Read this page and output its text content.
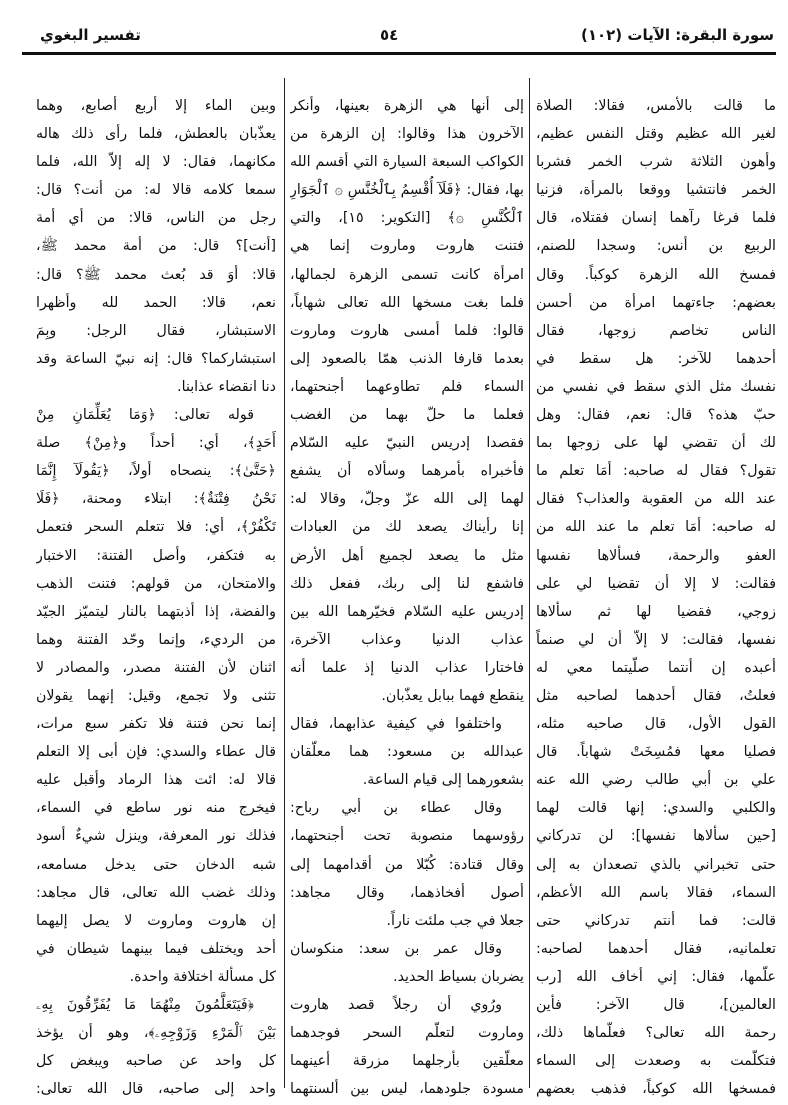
سورة البقرة: الآيات (١٠٢)
٥٤
تفسير البغوي
ما قالت بالأمس، فقالا: الصلاة
لغير الله عظيم وقتل النفس عظيم،
وأهون الثلاثة شرب الخمر فشربا
الخمر فانتشيا ووقعا بالمرأة، فزنيا
فلما فرغا رآهما إنسان فقتلاه، قال
الربيع بن أنس: وسجدا للصنم،
فمسخ الله الزهرة كوكباً. وقال
بعضهم: جاءتهما امرأة من أحسن
الناس تخاصم زوجها، فقال
أحدهما للآخر: هل سقط في
نفسك مثل الذي سقط في نفسي من
حبّ هذه؟ قال: نعم، فقال: وهل
لك أن تقضي لها على زوجها بما
تقول؟ فقال له صاحبه: أمَا تعلم ما
عند الله من العقوبة والعذاب؟ فقال
له صاحبه: أمَا تعلم ما عند الله من
العفو والرحمة، فسألاها نفسها
فقالت: لا إلا أن تقضيا لي على
زوجي، فقضيا لها ثم سألاها
نفسها، فقالت: لا إلاّ أن لي صنماً
أعبده إن أنتما صلّيتما معي له
فعلتُ، فقال أحدهما لصاحبه مثل
القول الأول، قال صاحبه مثله،
فصليا معها فمُسِخَتْ شهاباً. قال
علي بن أبي طالب رضي الله عنه
والكلبي والسدي: إنها قالت لهما
[حين سألاها نفسها]: لن تدركاني
حتى تخبراني بالذي تصعدان به إلى
السماء، فقالا باسم الله الأعظم،
قالت: فما أنتم تدركاني حتى
تعلمانيه، فقال أحدهما لصاحبه:
علّمها، فقال: إني أخاف الله [رب
العالمين]، قال الآخر: فأين
رحمة الله تعالى؟ فعلّماها ذلك،
فتكلّمت به وصعدت إلى السماء
فمسخها الله كوكباً، فذهب بعضهم
إلى أنها هي الزهرة بعينها، وأنكر
الآخرون هذا وقالوا: إن الزهرة من
الكواكب السبعة السيارة التي أقسم الله
بها، فقال: ﴿فَلَآ أُقْسِمُ بِٱلْخُنَّسِ ۞ ٱلْجَوَارِ
ٱلْكُنَّسِ ۞﴾ [التكوير: ١٥]، والتي
فتنت هاروت وماروت إنما هي
امرأة كانت تسمى الزهرة لجمالها،
فلما بغت مسخها الله تعالى شهاباً،
قالوا: فلما أمسى هاروت وماروت
بعدما قارفا الذنب همّا بالصعود إلى
السماء فلم تطاوعهما أجنحتهما،
فعلما ما حلّ بهما من الغضب
فقصدا إدريس النبيّ عليه السّلام
فأخبراه بأمرهما وسألاه أن يشفع
لهما إلى الله عزّ وجلّ، وقالا له:
إنا رأيناك يصعد لك من العبادات
مثل ما يصعد لجميع أهل الأرض
فاشفع لنا إلى ربك، ففعل ذلك
إدريس عليه السّلام فخيّرهما الله بين
عذاب الدنيا وعذاب الآخرة،
فاختارا عذاب الدنيا إذ علما أنه
ينقطع فهما ببابل يعذّبان.
واختلفوا في كيفية عذابهما، فقال
عبدالله بن مسعود: هما معلّقان
بشعورهما إلى قيام الساعة.
وقال عطاء بن أبي رباح:
رؤوسهما منصوبة تحت أجنحتهما،
وقال قتادة: كُبّلا من أقدامهما إلى
أصول أفخاذهما، وقال مجاهد:
جعلا في جب ملئت ناراً.
وقال عمر بن سعد: منكوسان
يضربان بسياط الحديد.
ورُوي أن رجلاً قصد هاروت
وماروت لتعلّم السحر فوجدهما
معلّقين بأرجلهما مزرقة أعينهما
مسودة جلودهما، ليس بين ألسنتهما
وبين الماء إلا أربع أصابع، وهما
يعذّبان بالعطش، فلما رأى ذلك هاله
مكانهما، فقال: لا إله إلاّ الله، فلما
سمعا كلامه قالا له: من أنت؟ قال:
رجل من الناس، قالا: من أي أمة
[أنت]؟ قال: من أمة محمد ﷺ،
قالا: أوَ قد بُعث محمد ﷺ؟ قال:
نعم، قالا: الحمد لله وأظهرا
الاستبشار، فقال الرجل: وبِمَ
استبشاركما؟ قال: إنه نبيّ الساعة وقد
دنا انقضاء عذابنا.
قوله تعالى: ﴿وَمَا يُعَلِّمَانِ مِنْ
أَحَدٍ﴾، أي: أحداً و﴿مِنْ﴾ صلة
﴿حَتَّىٰ﴾: ينصحاه أولاً، ﴿يَقُولَآ إِنَّمَا
نَحْنُ فِتْنَةٌ﴾: ابتلاء ومحنة، ﴿فَلَا
تَكْفُرْ﴾، أي: فلا تتعلم السحر فتعمل
به فتكفر، وأصل الفتنة: الاختبار
والامتحان، من قولهم: فتنت الذهب
والفضة، إذا أذبتهما بالنار ليتميّز الجيّد
من الرديء، وإنما وحّد الفتنة وهما
اثنان لأن الفتنة مصدر، والمصادر لا
تثنى ولا تجمع، وقيل: إنهما يقولان
إنما نحن فتنة فلا تكفر سبع مرات،
قال عطاء والسدي: فإن أبى إلا التعلم
قالا له: ائت هذا الرماد وأقبل عليه
فيخرج منه نور ساطع في السماء،
فذلك نور المعرفة، وينزل شيءٌ أسود
شبه الدخان حتى يدخل مسامعه،
وذلك غضب الله تعالى، قال مجاهد:
إن هاروت وماروت لا يصل إليهما
أحد ويختلف فيما بينهما شيطان في
كل مسألة اختلافة واحدة.
﴿فَيَتَعَلَّمُونَ مِنْهُمَا مَا يُفَرِّقُونَ بِهِۦ
بَيْنَ ٱلْمَرْءِ وَزَوْجِهِۦ﴾، وهو أن يؤخذ
كل واحد عن صاحبه ويبغض كل
واحد إلى صاحبه، قال الله تعالى:
